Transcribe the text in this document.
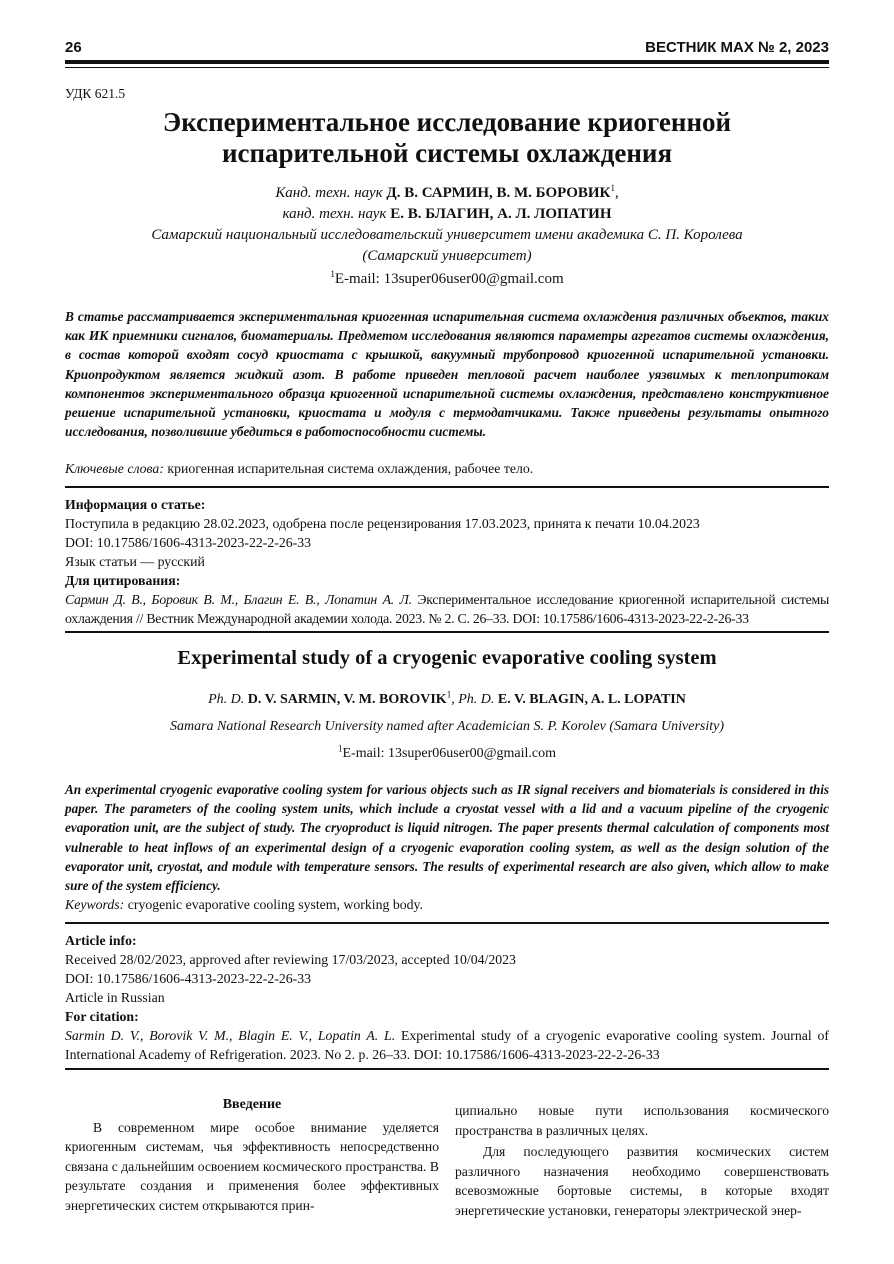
26	ВЕСТНИК МАХ № 2, 2023
УДК 621.5
Экспериментальное исследование криогенной
испарительной системы охлаждения
Канд. техн. наук Д. В. САРМИН, В. М. БОРОВИК$^1$,
канд. техн. наук Е. В. БЛАГИН, А. Л. ЛОПАТИН
Самарский национальный исследовательский университет имени академика С. П. Королева
(Самарский университет)
$^1$E-mail: 13super06user00@gmail.com
В статье рассматривается экспериментальная криогенная испарительная система охлаждения различных объектов, таких как ИК приемники сигналов, биоматериалы. Предметом исследования являются параметры агрегатов системы охлаждения, в состав которой входят сосуд криостата с крышкой, вакуумный трубопровод криогенной испарительной установки. Криопродуктом является жидкий азот. В работе приведен тепловой расчет наиболее уязвимых к теплопритокам компонентов экспериментального образца криогенной испарительной системы охлаждения, представлено конструктивное решение испарительной установки, криостата и модуля с термодатчиками. Также приведены результаты опытного исследования, позволившие убедиться в работоспособности системы.
Ключевые слова: криогенная испарительная система охлаждения, рабочее тело.

Информация о статье:

Поступила в редакцию 28.02.2023, одобрена после рецензирования 17.03.2023, принята к печати 10.04.2023

DOI: 10.17586/1606-4313-2023-22-2-26-33

Язык статьи — русский

Для цитирования:

Сармин Д. В., Боровик В. М., Благин Е. В., Лопатин А. Л. Экспериментальное исследование криогенной испарительной системы охлаждения // Вестник Международной академии холода. 2023. № 2. С. 26–33. DOI: 10.17586/1606-4313-2023-22-2-26-33

Experimental study of a cryogenic evaporative cooling system
Ph. D. D. V. SARMIN, V. M. BOROVIK$^1$, Ph. D. E. V. BLAGIN, A. L. LOPATIN
Samara National Research University named after Academician S. P. Korolev (Samara University)
$^1$E-mail: 13super06user00@gmail.com
An experimental cryogenic evaporative cooling system for various objects such as IR signal receivers and biomaterials is considered in this paper. The parameters of the cooling system units, which include a cryostat vessel with a lid and a vacuum pipeline of the cryogenic evaporation unit, are the subject of study. The cryoproduct is liquid nitrogen. The paper presents thermal calculation of components most vulnerable to heat inflows of an experimental design of a cryogenic evaporation cooling system, as well as the design solution of the evaporator unit, cryostat, and module with temperature sensors. The results of experimental research are also given, which allow to make sure of the system efficiency.
Keywords: cryogenic evaporative cooling system, working body.

Article info:

Received 28/02/2023, approved after reviewing 17/03/2023, accepted 10/04/2023

DOI: 10.17586/1606-4313-2023-22-2-26-33

Article in Russian

For citation:

Sarmin D. V., Borovik V. M., Blagin E. V., Lopatin A. L. Experimental study of a cryogenic evaporative cooling system. Journal of International Academy of Refrigeration. 2023. No 2. p. 26–33. DOI: 10.17586/1606-4313-2023-22-2-26-33

Введение

В современном мире особое внимание уделяется криогенным системам, чья эффективность непосредственно связана с дальнейшим освоением космического пространства. В результате создания и применения более эффективных энергетических систем открываются прин-

ципиально новые пути использования космического пространства в различных целях.

Для последующего развития космических систем различного назначения необходимо совершенствовать всевозможные бортовые системы, в которые входят энергетические установки, генераторы электрической энер-
